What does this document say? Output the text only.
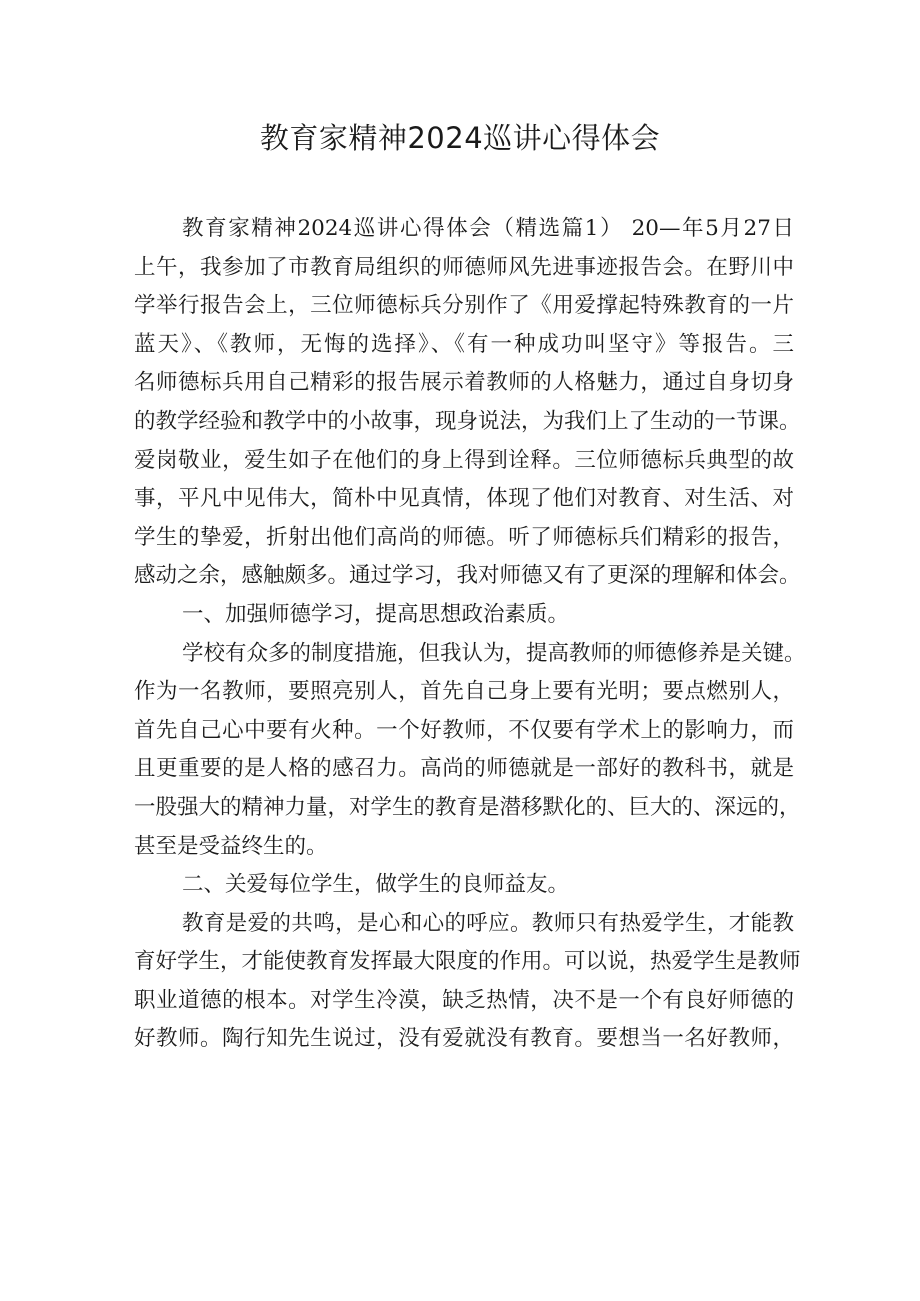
教育家精神2024巡讲心得体会
教育家精神2024巡讲心得体会（精选篇1） 20—年5月27日
上午，我参加了市教育局组织的师德师风先进事迹报告会。在野川中
学举行报告会上，三位师德标兵分别作了《用爱撑起特殊教育的一片
蓝天》、《教师，无悔的选择》、《有一种成功叫坚守》等报告。三
名师德标兵用自己精彩的报告展示着教师的人格魅力，通过自身切身
的教学经验和教学中的小故事，现身说法，为我们上了生动的一节课。
爱岗敬业，爱生如子在他们的身上得到诠释。三位师德标兵典型的故
事，平凡中见伟大，简朴中见真情，体现了他们对教育、对生活、对
学生的挚爱，折射出他们高尚的师德。听了师德标兵们精彩的报告，
感动之余，感触颇多。通过学习，我对师德又有了更深的理解和体会。
一、加强师德学习，提高思想政治素质。
学校有众多的制度措施，但我认为，提高教师的师德修养是关键。
作为一名教师，要照亮别人，首先自己身上要有光明；要点燃别人，
首先自己心中要有火种。一个好教师，不仅要有学术上的影响力，而
且更重要的是人格的感召力。高尚的师德就是一部好的教科书，就是
一股强大的精神力量，对学生的教育是潜移默化的、巨大的、深远的，
甚至是受益终生的。
二、关爱每位学生，做学生的良师益友。
教育是爱的共鸣，是心和心的呼应。教师只有热爱学生，才能教
育好学生，才能使教育发挥最大限度的作用。可以说，热爱学生是教师
职业道德的根本。对学生冷漠，缺乏热情，决不是一个有良好师德的
好教师。陶行知先生说过，没有爱就没有教育。要想当一名好教师，
